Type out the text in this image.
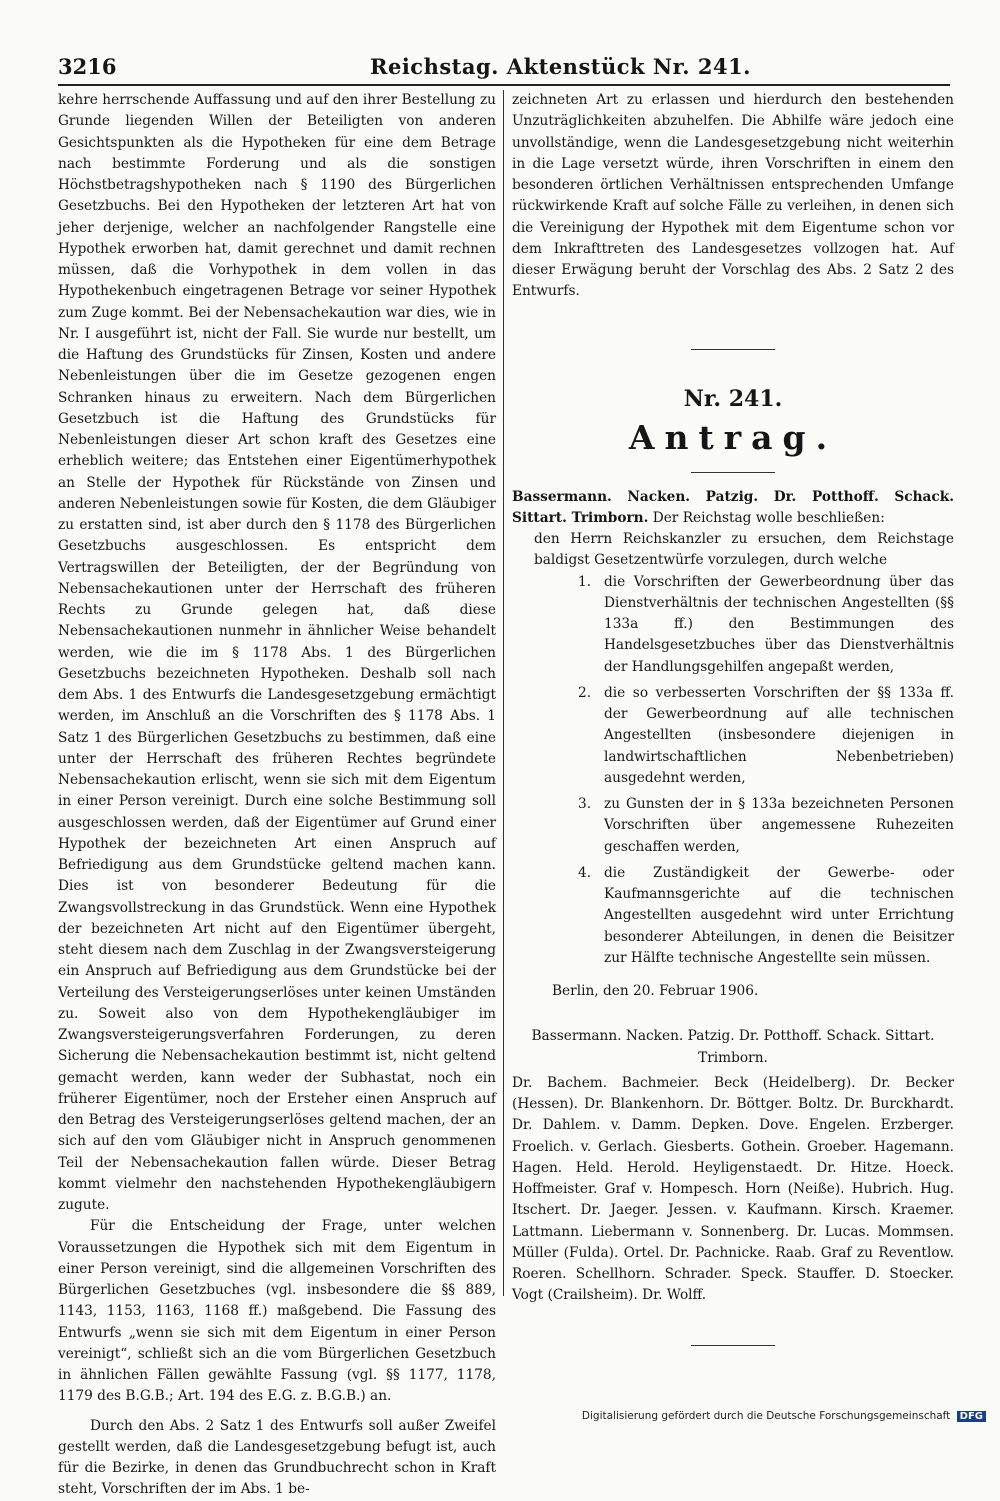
3216	Reichstag. Aktenstück Nr. 241.

kehre herrschende Auffassung und auf den ihrer Bestellung zu Grunde liegenden Willen der Beteiligten von anderen Gesichtspunkten als die Hypotheken für eine dem Betrage nach bestimmte Forderung und als die sonstigen Höchstbetragshypotheken nach § 1190 des Bürgerlichen Gesetzbuchs. Bei den Hypotheken der letzteren Art hat von jeher derjenige, welcher an nachfolgender Rangstelle eine Hypothek erworben hat, damit gerechnet und damit rechnen müssen, daß die Vorhypothek in dem vollen in das Hypothekenbuch eingetragenen Betrage vor seiner Hypothek zum Zuge kommt. Bei der Nebensachekaution war dies, wie in Nr. I ausgeführt ist, nicht der Fall. Sie wurde nur bestellt, um die Haftung des Grundstücks für Zinsen, Kosten und andere Nebenleistungen über die im Gesetze gezogenen engen Schranken hinaus zu erweitern. Nach dem Bürgerlichen Gesetzbuch ist die Haftung des Grundstücks für Nebenleistungen dieser Art schon kraft des Gesetzes eine erheblich weitere; das Entstehen einer Eigentümerhypothek an Stelle der Hypothek für Rückstände von Zinsen und anderen Nebenleistungen sowie für Kosten, die dem Gläubiger zu erstatten sind, ist aber durch den § 1178 des Bürgerlichen Gesetzbuchs ausgeschlossen. Es entspricht dem Vertragswillen der Beteiligten, der der Begründung von Nebensachekautionen unter der Herrschaft des früheren Rechts zu Grunde gelegen hat, daß diese Nebensachekautionen nunmehr in ähnlicher Weise behandelt werden, wie die im § 1178 Abs. 1 des Bürgerlichen Gesetzbuchs bezeichneten Hypotheken. Deshalb soll nach dem Abs. 1 des Entwurfs die Landesgesetzgebung ermächtigt werden, im Anschluß an die Vorschriften des § 1178 Abs. 1 Satz 1 des Bürgerlichen Gesetzbuchs zu bestimmen, daß eine unter der Herrschaft des früheren Rechtes begründete Nebensachekaution erlischt, wenn sie sich mit dem Eigentum in einer Person vereinigt. Durch eine solche Bestimmung soll ausgeschlossen werden, daß der Eigentümer auf Grund einer Hypothek der bezeichneten Art einen Anspruch auf Befriedigung aus dem Grundstücke geltend machen kann. Dies ist von besonderer Bedeutung für die Zwangsvollstreckung in das Grundstück. Wenn eine Hypothek der bezeichneten Art nicht auf den Eigentümer übergeht, steht diesem nach dem Zuschlag in der Zwangsversteigerung ein Anspruch auf Befriedigung aus dem Grundstücke bei der Verteilung des Versteigerungserlöses unter keinen Umständen zu. Soweit also von dem Hypothekengläubiger im Zwangsversteigerungsverfahren Forderungen, zu deren Sicherung die Nebensachekaution bestimmt ist, nicht geltend gemacht werden, kann weder der Subhastat, noch ein früherer Eigentümer, noch der Ersteher einen Anspruch auf den Betrag des Versteigerungserlöses geltend machen, der an sich auf den vom Gläubiger nicht in Anspruch genommenen Teil der Nebensachekaution fallen würde. Dieser Betrag kommt vielmehr den nachstehenden Hypothekengläubigern zugute.

Für die Entscheidung der Frage, unter welchen Voraussetzungen die Hypothek sich mit dem Eigentum in einer Person vereinigt, sind die allgemeinen Vorschriften des Bürgerlichen Gesetzbuches (vgl. insbesondere die §§ 889, 1143, 1153, 1163, 1168 ff.) maßgebend. Die Fassung des Entwurfs „wenn sie sich mit dem Eigentum in einer Person vereinigt“, schließt sich an die vom Bürgerlichen Gesetzbuch in ähnlichen Fällen gewählte Fassung (vgl. §§ 1177, 1178, 1179 des B.G.B.; Art. 194 des E.G. z. B.G.B.) an.

Durch den Abs. 2 Satz 1 des Entwurfs soll außer Zweifel gestellt werden, daß die Landesgesetzgebung befugt ist, auch für die Bezirke, in denen das Grundbuchrecht schon in Kraft steht, Vorschriften der im Abs. 1 be-

zeichneten Art zu erlassen und hierdurch den bestehenden Unzuträglichkeiten abzuhelfen. Die Abhilfe wäre jedoch eine unvollständige, wenn die Landesgesetzgebung nicht weiterhin in die Lage versetzt würde, ihren Vorschriften in einem den besonderen örtlichen Verhältnissen entsprechenden Umfange rückwirkende Kraft auf solche Fälle zu verleihen, in denen sich die Vereinigung der Hypothek mit dem Eigentume schon vor dem Inkrafttreten des Landesgesetzes vollzogen hat. Auf dieser Erwägung beruht der Vorschlag des Abs. 2 Satz 2 des Entwurfs.

Nr. 241.
Antrag.

Bassermann. Nacken. Patzig. Dr. Potthoff. Schack. Sittart. Trimborn. Der Reichstag wolle beschließen:

den Herrn Reichskanzler zu ersuchen, dem Reichstage baldigst Gesetzentwürfe vorzulegen, durch welche

1. die Vorschriften der Gewerbeordnung über das Dienstverhältnis der technischen Angestellten (§§ 133a ff.) den Bestimmungen des Handelsgesetzbuches über das Dienstverhältnis der Handlungsgehilfen angepaßt werden,
2. die so verbesserten Vorschriften der §§ 133a ff. der Gewerbeordnung auf alle technischen Angestellten (insbesondere diejenigen in landwirtschaftlichen Nebenbetrieben) ausgedehnt werden,
3. zu Gunsten der in § 133a bezeichneten Personen Vorschriften über angemessene Ruhezeiten geschaffen werden,
4. die Zuständigkeit der Gewerbe- oder Kaufmannsgerichte auf die technischen Angestellten ausgedehnt wird unter Errichtung besonderer Abteilungen, in denen die Beisitzer zur Hälfte technische Angestellte sein müssen.

Berlin, den 20. Februar 1906.

Bassermann. Nacken. Patzig. Dr. Potthoff. Schack. Sittart. Trimborn.

Dr. Bachem. Bachmeier. Beck (Heidelberg). Dr. Becker (Hessen). Dr. Blankenhorn. Dr. Böttger. Boltz. Dr. Burckhardt. Dr. Dahlem. v. Damm. Depken. Dove. Engelen. Erzberger. Froelich. v. Gerlach. Giesberts. Gothein. Groeber. Hagemann. Hagen. Held. Herold. Heyligenstaedt. Dr. Hitze. Hoeck. Hoffmeister. Graf v. Hompesch. Horn (Neiße). Hubrich. Hug. Itschert. Dr. Jaeger. Jessen. v. Kaufmann. Kirsch. Kraemer. Lattmann. Liebermann v. Sonnenberg. Dr. Lucas. Mommsen. Müller (Fulda). Ortel. Dr. Pachnicke. Raab. Graf zu Reventlow. Roeren. Schellhorn. Schrader. Speck. Stauffer. D. Stoecker. Vogt (Crailsheim). Dr. Wolff.

Digitalisierung gefördert durch die Deutsche Forschungsgemeinschaft DFG
